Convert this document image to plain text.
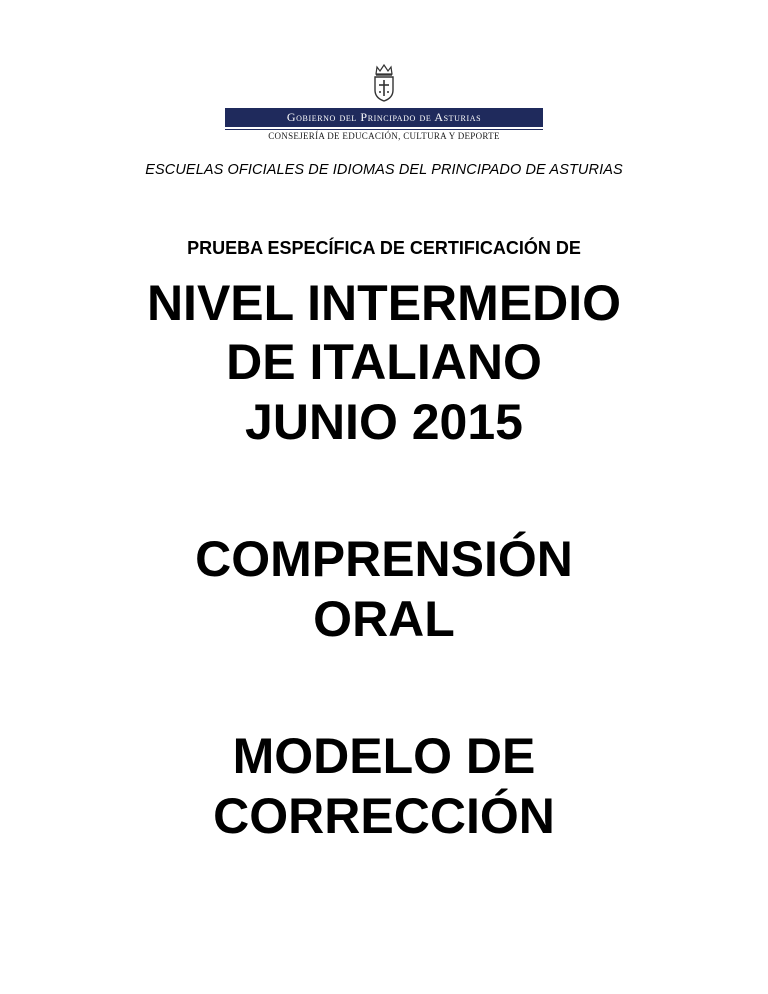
Gobierno del Principado de Asturias
CONSEJERÍA DE EDUCACIÓN, CULTURA Y DEPORTE
ESCUELAS OFICIALES DE IDIOMAS DEL PRINCIPADO DE ASTURIAS
PRUEBA ESPECÍFICA DE CERTIFICACIÓN DE
NIVEL INTERMEDIO
DE ITALIANO
JUNIO 2015
COMPRENSIÓN
ORAL
MODELO DE
CORRECCIÓN
